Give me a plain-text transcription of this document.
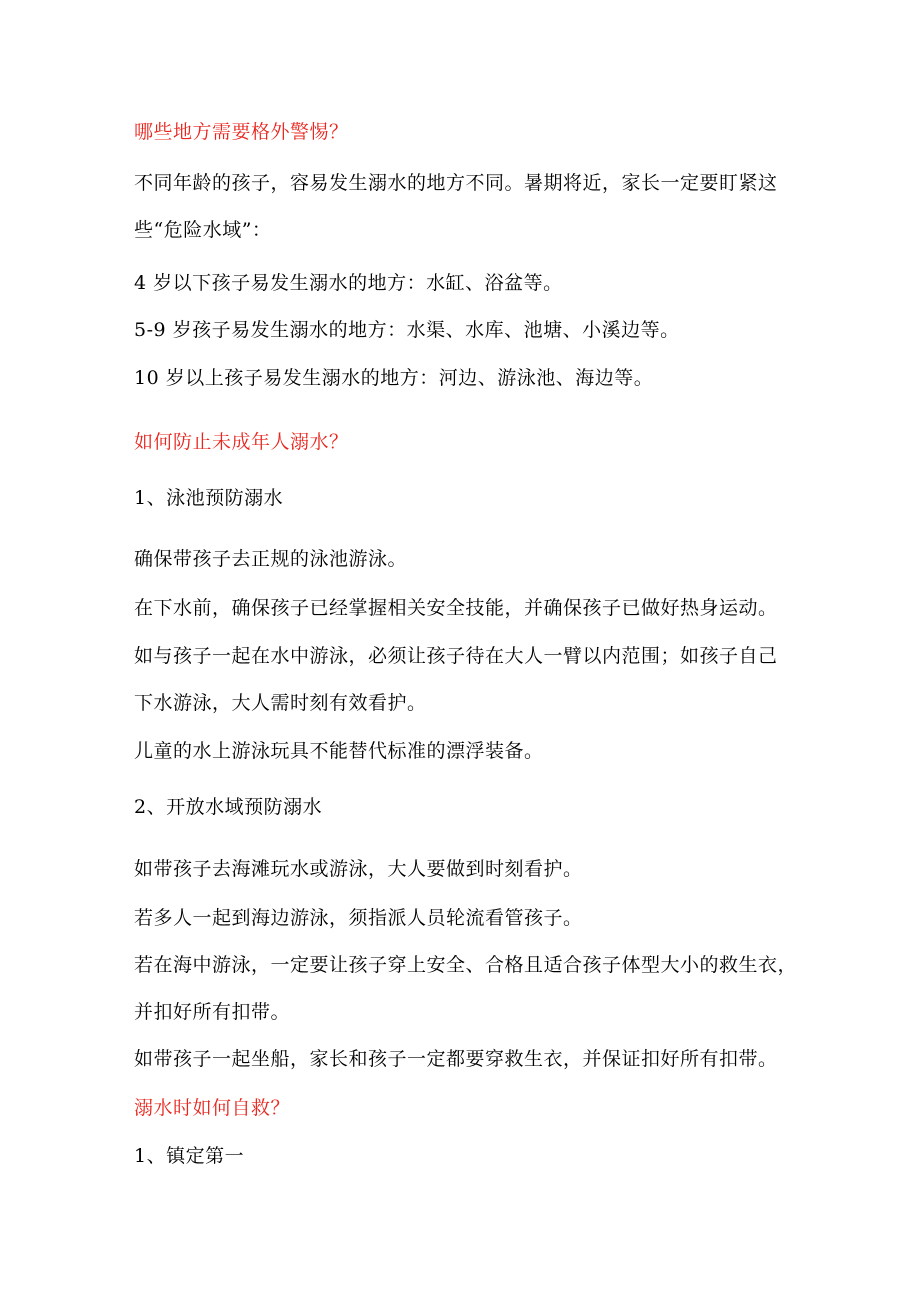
哪些地方需要格外警惕？
不同年龄的孩子，容易发生溺水的地方不同。暑期将近，家长一定要盯紧这
些“危险水域”：
4 岁以下孩子易发生溺水的地方：水缸、浴盆等。
5-9 岁孩子易发生溺水的地方：水渠、水库、池塘、小溪边等。
10 岁以上孩子易发生溺水的地方：河边、游泳池、海边等。
如何防止未成年人溺水？
1、泳池预防溺水
确保带孩子去正规的泳池游泳。
在下水前，确保孩子已经掌握相关安全技能，并确保孩子已做好热身运动。
如与孩子一起在水中游泳，必须让孩子待在大人一臂以内范围；如孩子自己
下水游泳，大人需时刻有效看护。
儿童的水上游泳玩具不能替代标准的漂浮装备。
2、开放水域预防溺水
如带孩子去海滩玩水或游泳，大人要做到时刻看护。
若多人一起到海边游泳，须指派人员轮流看管孩子。
若在海中游泳，一定要让孩子穿上安全、合格且适合孩子体型大小的救生衣，
并扣好所有扣带。
如带孩子一起坐船，家长和孩子一定都要穿救生衣，并保证扣好所有扣带。
溺水时如何自救？
1、镇定第一
